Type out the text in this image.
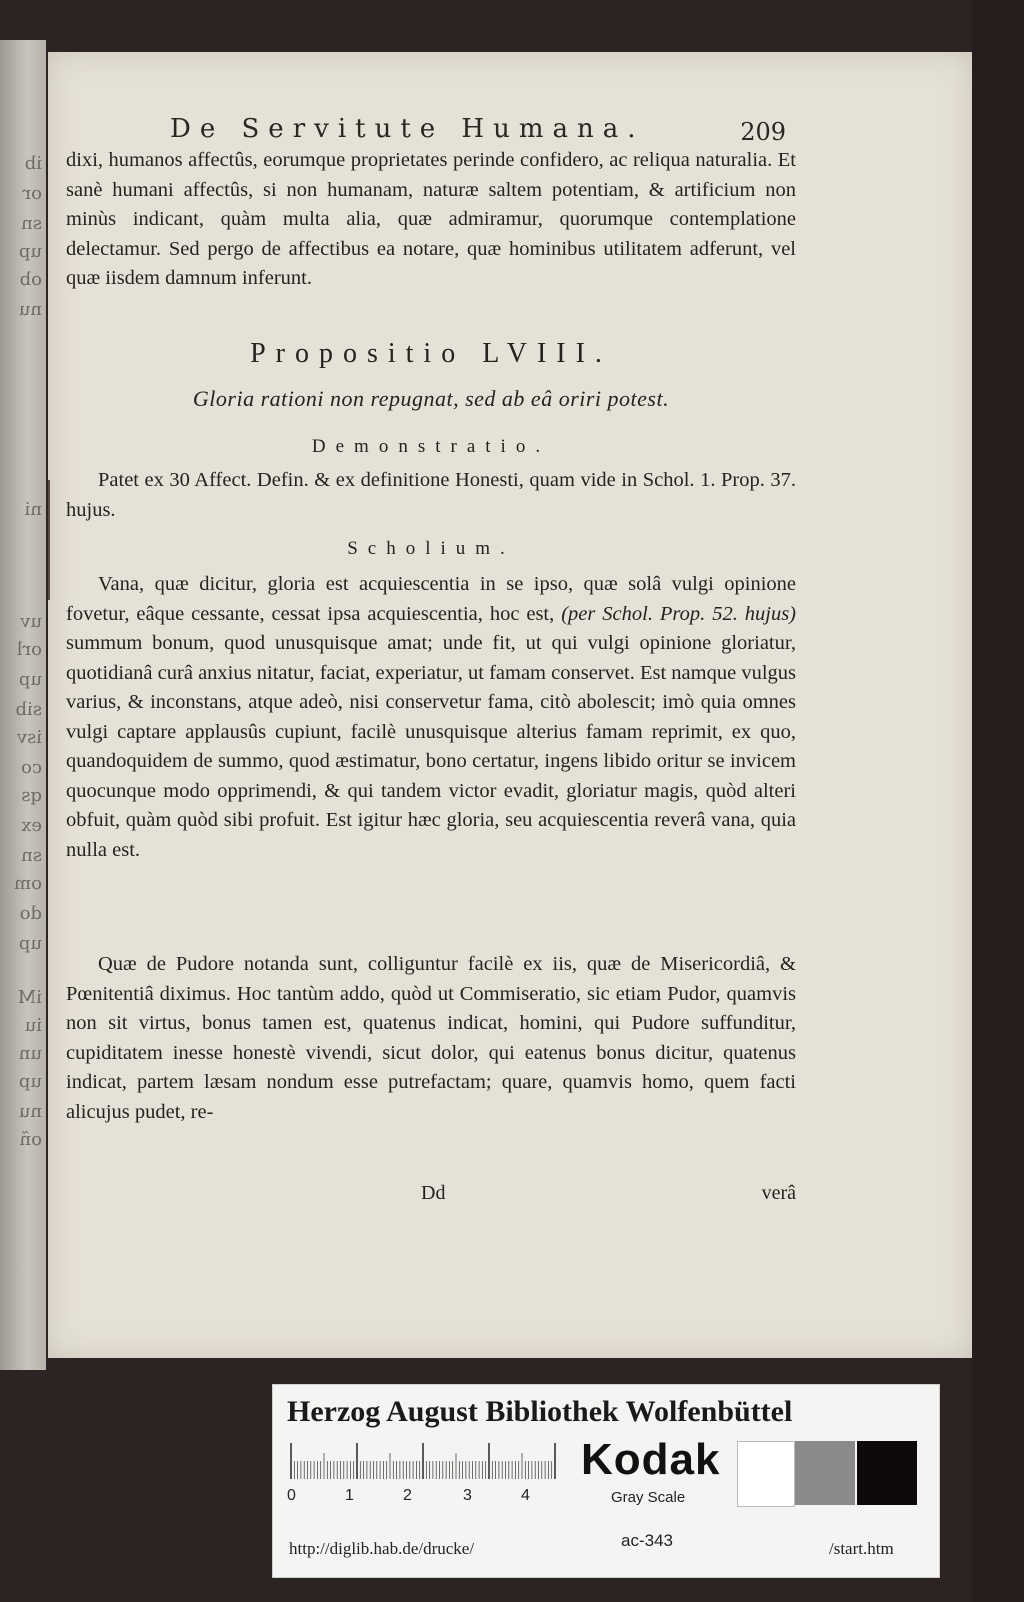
ib
or
sn
up
ob
nu
ni
uv
orl
up
sib
isv
co
qs
ex
sn
om
do
up
iM
iu
un
up
nu
oñ
De Servitute Humana.	209

dixi, humanos affectûs, eorumque proprietates perinde confidero, ac reliqua naturalia. Et sanè humani affectûs, si non humanam, naturæ saltem potentiam, & artificium non minùs indicant, quàm multa alia, quæ admiramur, quorumque contemplatione delectamur. Sed pergo de affectibus ea notare, quæ hominibus utilitatem adferunt, vel quæ iisdem damnum inferunt.

Propositio LVIII.
Gloria rationi non repugnat, sed ab eâ oriri potest.
Demonstratio.

Patet ex 30 Affect. Defin. & ex definitione Honesti, quam vide in Schol. 1. Prop. 37. hujus.

Scholium.

Vana, quæ dicitur, gloria est acquiescentia in se ipso, quæ solâ vulgi opinione fovetur, eâque cessante, cessat ipsa acquiescentia, hoc est, (per Schol. Prop. 52. hujus) summum bonum, quod unusquisque amat; unde fit, ut qui vulgi opinione gloriatur, quotidianâ curâ anxius nitatur, faciat, experiatur, ut famam conservet. Est namque vulgus varius, & inconstans, atque adeò, nisi conservetur fama, citò abolescit; imò quia omnes vulgi captare applausûs cupiunt, facilè unusquisque alterius famam reprimit, ex quo, quandoquidem de summo, quod æstimatur, bono certatur, ingens libido oritur se invicem quocunque modo opprimendi, & qui tandem victor evadit, gloriatur magis, quòd alteri obfuit, quàm quòd sibi profuit. Est igitur hæc gloria, seu acquiescentia reverâ vana, quia nulla est.

Quæ de Pudore notanda sunt, colliguntur facilè ex iis, quæ de Misericordiâ, & Pœnitentiâ diximus. Hoc tantùm addo, quòd ut Commiseratio, sic etiam Pudor, quamvis non sit virtus, bonus tamen est, quatenus indicat, homini, qui Pudore suffunditur, cupiditatem inesse honestè vivendi, sicut dolor, qui eatenus bonus dicitur, quatenus indicat, partem læsam nondum esse putrefactam; quare, quamvis homo, quem facti alicujus pudet, re-

Dd	verâ
Herzog August Bibliothek Wolfenbüttel
0	1	2	3	4
Kodak
Gray Scale
http://diglib.hab.de/drucke/	ac-343	/start.htm
